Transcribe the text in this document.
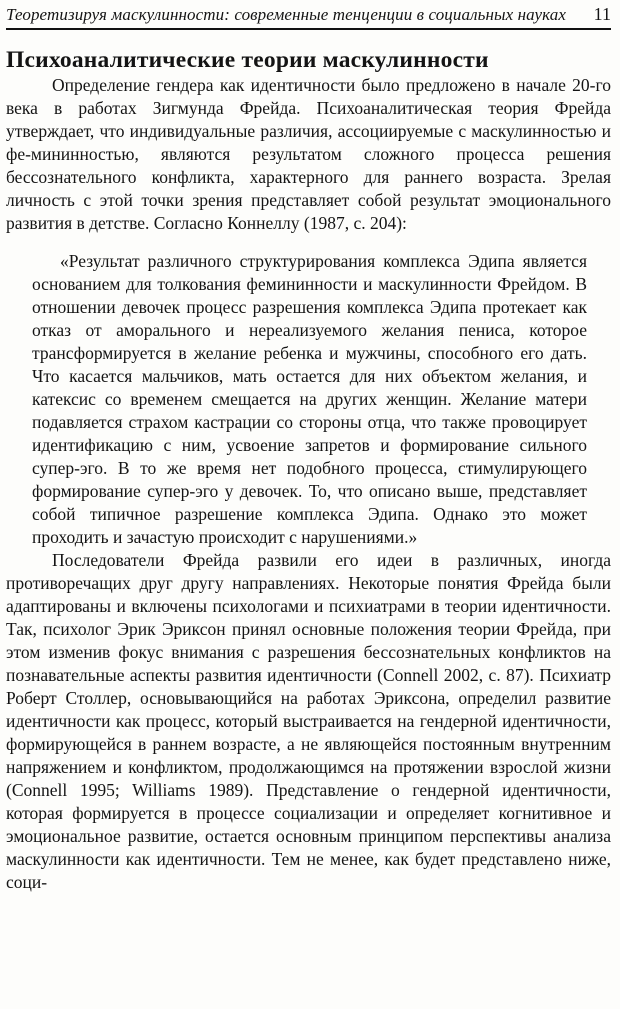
Теоретизируя маскулинности: современные тенценции в социальных науках	11
Психоаналитические теории маскулинности

Определение гендера как идентичности было предложено в начале 20-го века в работах Зигмунда Фрейда. Психоаналитическая теория Фрейда утверждает, что индивидуальные различия, ассоциируемые с маскулинностью и фе-мининностью, являются результатом сложного процесса решения бессознательного конфликта, характерного для раннего возраста. Зрелая личность с этой точки зрения представляет собой результат эмоционального развития в детстве. Согласно Коннеллу (1987, с. 204):

«Результат различного структурирования комплекса Эдипа является основанием для толкования фемининности и маскулинности Фрейдом. В отношении девочек процесс разрешения комплекса Эдипа протекает как отказ от аморального и нереализуемого желания пениса, которое трансформируется в желание ребенка и мужчины, способного его дать. Что касается мальчиков, мать остается для них объектом желания, и катексис со временем смещается на других женщин. Желание матери подавляется страхом кастрации со стороны отца, что также провоцирует идентификацию с ним, усвоение запретов и формирование сильного супер-эго. В то же время нет подобного процесса, стимулирующего формирование супер-эго у девочек. То, что описано выше, представляет собой типичное разрешение комплекса Эдипа. Однако это может проходить и зачастую происходит с нарушениями.»

Последователи Фрейда развили его идеи в различных, иногда противоречащих друг другу направлениях. Некоторые понятия Фрейда были адаптированы и включены психологами и психиатрами в теории идентичности. Так, психолог Эрик Эриксон принял основные положения теории Фрейда, при этом изменив фокус внимания с разрешения бессознательных конфликтов на познавательные аспекты развития идентичности (Connell 2002, с. 87). Психиатр Роберт Столлер, основывающийся на работах Эриксона, определил развитие идентичности как процесс, который выстраивается на гендерной идентичности, формирующейся в раннем возрасте, а не являющейся постоянным внутренним напряжением и конфликтом, продолжающимся на протяжении взрослой жизни (Connell 1995; Williams 1989). Представление о гендерной идентичности, которая формируется в процессе социализации и определяет когнитивное и эмоциональное развитие, остается основным принципом перспективы анализа маскулинности как идентичности. Тем не менее, как будет представлено ниже, соци-
